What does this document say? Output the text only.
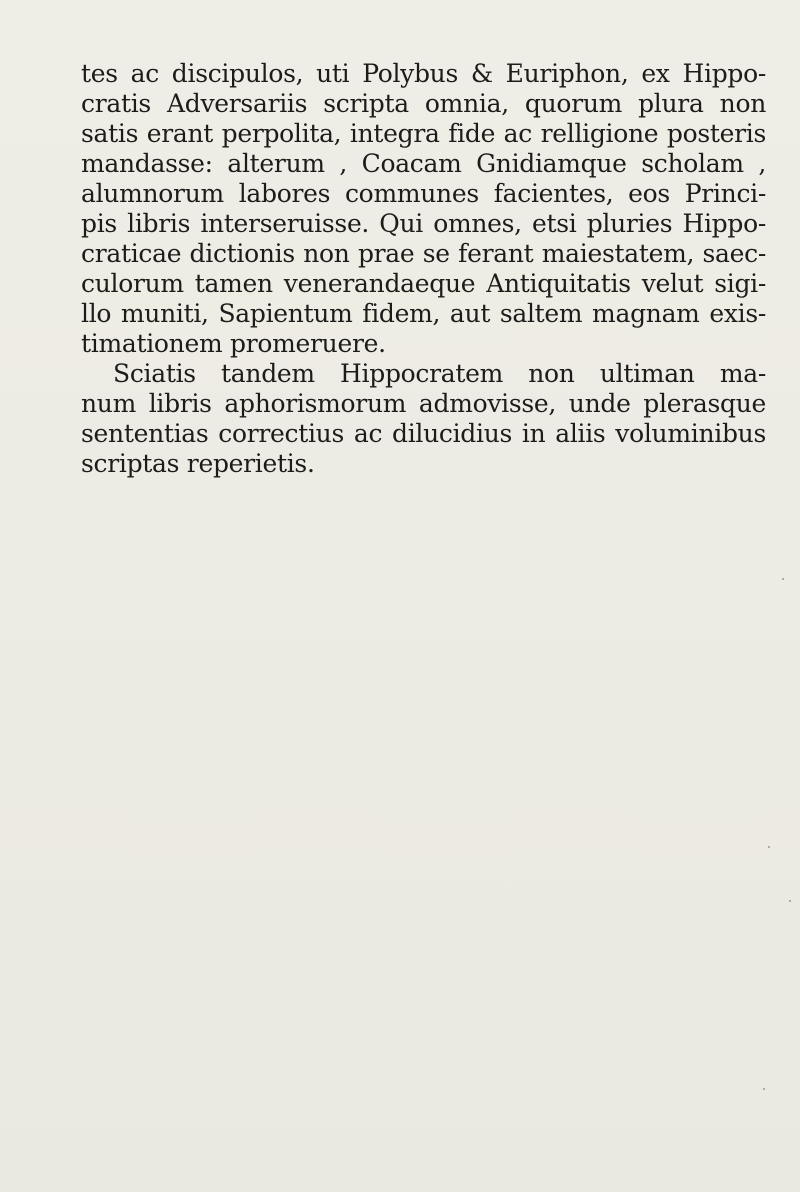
tes ac discipulos, uti Polybus & Euriphon, ex Hippo-
cratis Adversariis scripta omnia, quorum plura non
satis erant perpolita, integra fide ac relligione posteris
mandasse: alterum , Coacam Gnidiamque scholam ,
alumnorum labores communes facientes, eos Princi-
pis libris interseruisse. Qui omnes, etsi pluries Hippo-
craticae dictionis non prae se ferant maiestatem, saec-
culorum tamen venerandaeque Antiquitatis velut sigi-
llo muniti, Sapientum fidem, aut saltem magnam exis-
timationem promeruere.
Sciatis tandem Hippocratem non ultiman ma-
num libris aphorismorum admovisse, unde plerasque
sententias correctius ac dilucidius in aliis voluminibus
scriptas reperietis.
